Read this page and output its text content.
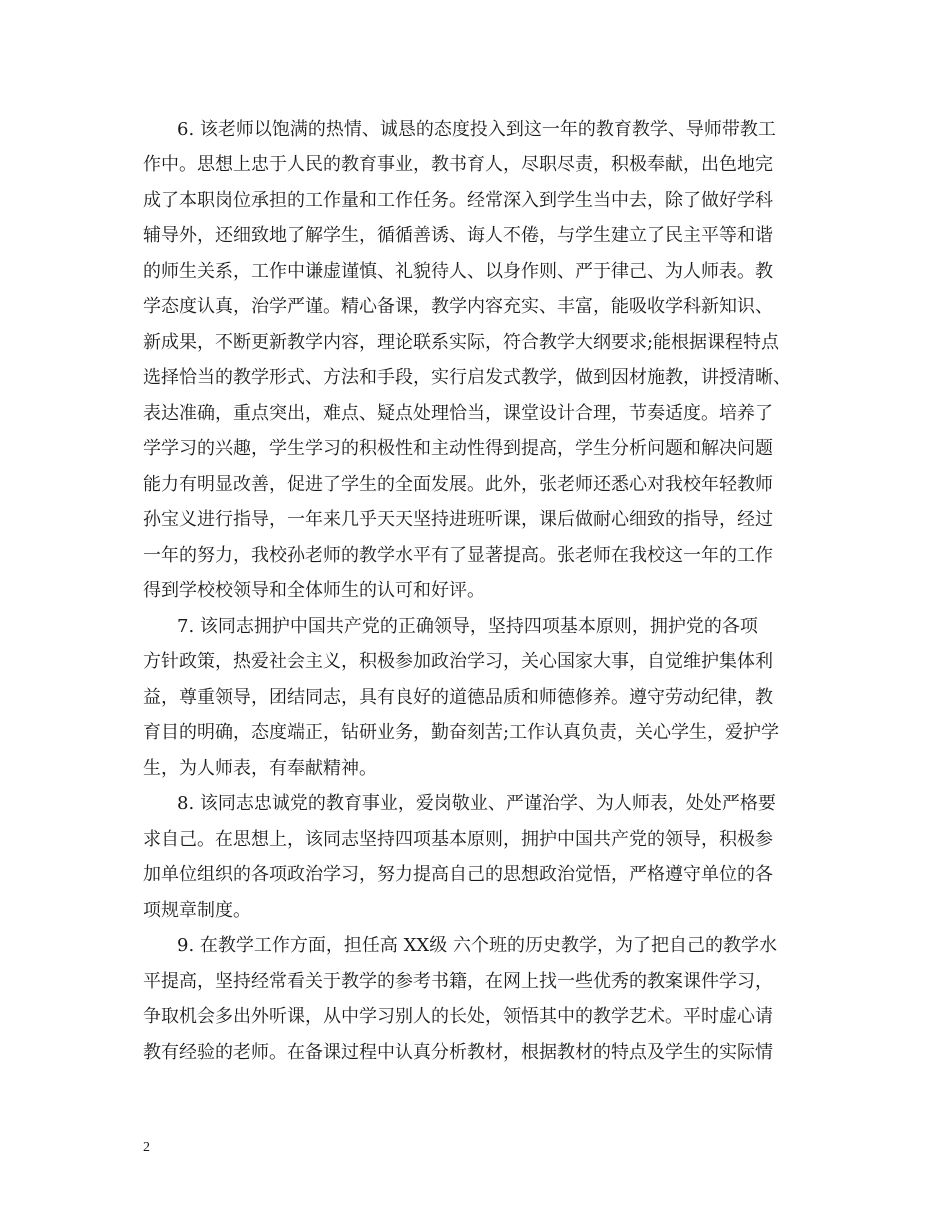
6. 该老师以饱满的热情、诚恳的态度投入到这一年的教育教学、导师带教工
作中。思想上忠于人民的教育事业，教书育人，尽职尽责，积极奉献，出色地完
成了本职岗位承担的工作量和工作任务。经常深入到学生当中去，除了做好学科
辅导外，还细致地了解学生，循循善诱、诲人不倦，与学生建立了民主平等和谐
的师生关系，工作中谦虚谨慎、礼貌待人、以身作则、严于律己、为人师表。教
学态度认真，治学严谨。精心备课，教学内容充实、丰富，能吸收学科新知识、
新成果，不断更新教学内容，理论联系实际，符合教学大纲要求;能根据课程特点
选择恰当的教学形式、方法和手段，实行启发式教学，做到因材施教，讲授清晰、
表达准确，重点突出，难点、疑点处理恰当，课堂设计合理，节奏适度。培养了
学学习的兴趣，学生学习的积极性和主动性得到提高，学生分析问题和解决问题
能力有明显改善，促进了学生的全面发展。此外，张老师还悉心对我校年轻教师
孙宝义进行指导，一年来几乎天天坚持进班听课，课后做耐心细致的指导，经过
一年的努力，我校孙老师的教学水平有了显著提高。张老师在我校这一年的工作
得到学校校领导和全体师生的认可和好评。
7. 该同志拥护中国共产党的正确领导，坚持四项基本原则，拥护党的各项
方针政策，热爱社会主义，积极参加政治学习，关心国家大事，自觉维护集体利
益，尊重领导，团结同志，具有良好的道德品质和师德修养。遵守劳动纪律，教
育目的明确，态度端正，钻研业务，勤奋刻苦;工作认真负责，关心学生，爱护学
生，为人师表，有奉献精神。
8. 该同志忠诚党的教育事业，爱岗敬业、严谨治学、为人师表，处处严格要
求自己。在思想上，该同志坚持四项基本原则，拥护中国共产党的领导，积极参
加单位组织的各项政治学习，努力提高自己的思想政治觉悟，严格遵守单位的各
项规章制度。
9. 在教学工作方面，担任高 XX级 六个班的历史教学，为了把自己的教学水
平提高，坚持经常看关于教学的参考书籍，在网上找一些优秀的教案课件学习，
争取机会多出外听课，从中学习别人的长处，领悟其中的教学艺术。平时虚心请
教有经验的老师。在备课过程中认真分析教材，根据教材的特点及学生的实际情
2
